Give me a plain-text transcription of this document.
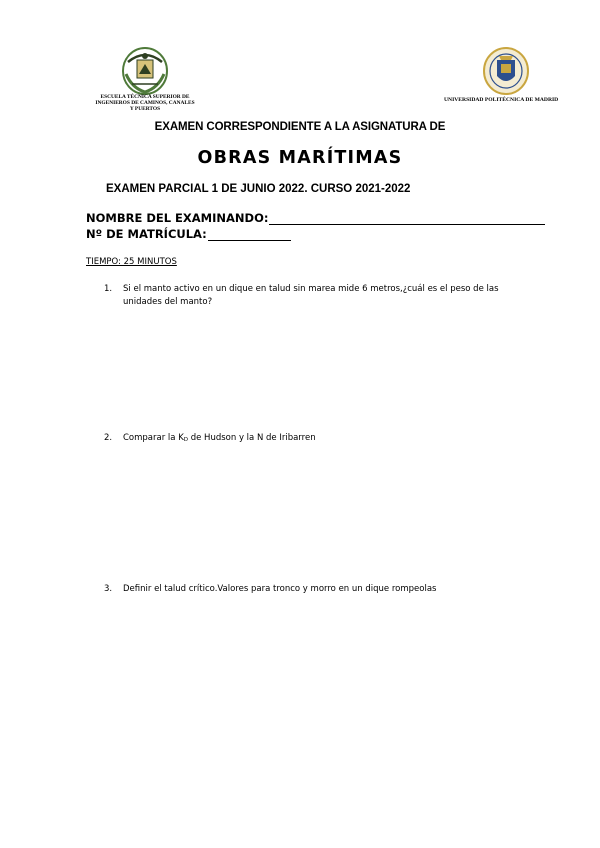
ESCUELA TÉCNICA SUPERIOR DE
INGENIEROS DE CAMINOS, CANALES
Y PUERTOS
UNIVERSIDAD POLITÉCNICA DE MADRID
EXAMEN CORRESPONDIENTE A LA ASIGNATURA DE
OBRAS MARÍTIMAS
EXAMEN PARCIAL 1 DE JUNIO 2022. CURSO 2021-2022
NOMBRE DEL EXAMINANDO:
Nº DE MATRÍCULA:
TIEMPO: 25 MINUTOS
1.	Si el manto activo en un dique en talud sin marea mide 6 metros,¿cuál es el peso de las unidades del manto?
2.	Comparar la $K_D$ de Hudson y la N de Iribarren
3.	Definir el talud crítico.Valores para tronco y morro en un dique rompeolas
